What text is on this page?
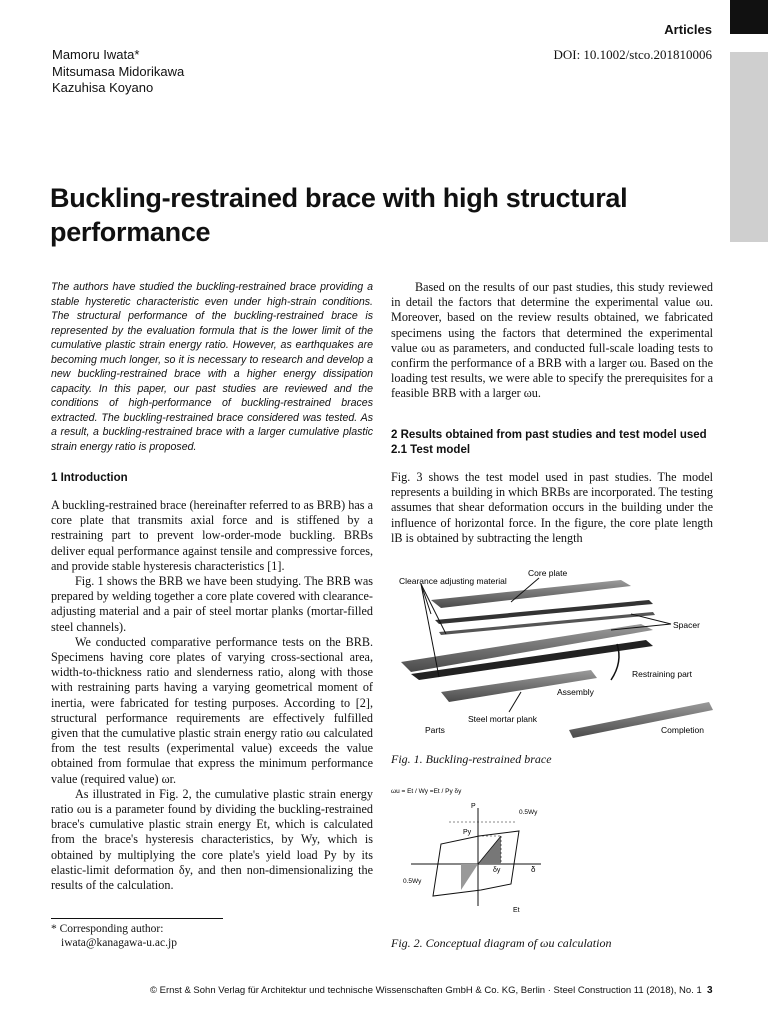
Articles
DOI: 10.1002/stco.201810006
Mamoru Iwata*
Mitsumasa Midorikawa
Kazuhisa Koyano
Buckling-restrained brace with high structural performance

The authors have studied the buckling-restrained brace providing a stable hysteretic characteristic even under high-strain conditions. The structural performance of the buckling-restrained brace is represented by the evaluation formula that is the lower limit of the cumulative plastic strain energy ratio. However, as earthquakes are becoming much longer, so it is necessary to research and develop a new buckling-restrained brace with a higher energy dissipation capacity. In this paper, our past studies are reviewed and the conditions of high-performance of buckling-restrained braces extracted. The buckling-restrained brace considered was tested. As a result, a buckling-restrained brace with a larger cumulative plastic strain energy ratio is proposed.

1 Introduction

A buckling-restrained brace (hereinafter referred to as BRB) has a core plate that transmits axial force and is stiffened by a restraining part to prevent low-order-mode buckling. BRBs deliver equal performance against tensile and compressive forces, and provide stable hysteresis characteristics [1].

Fig. 1 shows the BRB we have been studying. The BRB was prepared by welding together a core plate covered with clearance-adjusting material and a pair of steel mortar planks (mortar-filled steel channels).

We conducted comparative performance tests on the BRB. Specimens having core plates of varying cross-sectional area, width-to-thickness ratio and slenderness ratio, along with those with restraining parts having a varying geometrical moment of inertia, were fabricated for testing purposes. According to [2], structural performance requirements are effectively fulfilled given that the cumulative plastic strain energy ratio ωu calculated from the test results (experimental value) exceeds the value obtained from formulae that express the minimum performance value (required value) ωr.

As illustrated in Fig. 2, the cumulative plastic strain energy ratio ωu is a parameter found by dividing the buckling-restrained brace's cumulative plastic strain energy Et, which is calculated from the brace's hysteresis characteristics, by Wy, which is obtained by multiplying the core plate's yield load Py by its elastic-limit deformation δy, and then non-dimensionalizing the results of the calculation.

Based on the results of our past studies, this study reviewed in detail the factors that determine the experimental value ωu. Moreover, based on the review results obtained, we fabricated specimens using the factors that determined the experimental value ωu as parameters, and conducted full-scale loading tests to confirm the performance of a BRB with a larger ωu. Based on the loading test results, we were able to specify the prerequisites for a feasible BRB with a larger ωu.

2 Results obtained from past studies and test model used
2.1 Test model

Fig. 3 shows the test model used in past studies. The model represents a building in which BRBs are incorporated. The testing assumes that shear deformation occurs in the building under the influence of horizontal force. In the figure, the core plate length lB is obtained by subtracting the length

Clearance adjusting material
Core plate
Spacer
Restraining part
Assembly
Steel mortar plank
Parts	Completion
Fig. 1. Buckling-restrained brace
ωu = Et / Wy =Et / Py δy
P
Py
0.5Wy
0.5Wy
δy	δ
Et
Fig. 2. Conceptual diagram of ωu calculation
* Corresponding author:
iwata@kanagawa-u.ac.jp
© Ernst & Sohn Verlag für Architektur und technische Wissenschaften GmbH & Co. KG, Berlin · Steel Construction 11 (2018), No. 1 3
